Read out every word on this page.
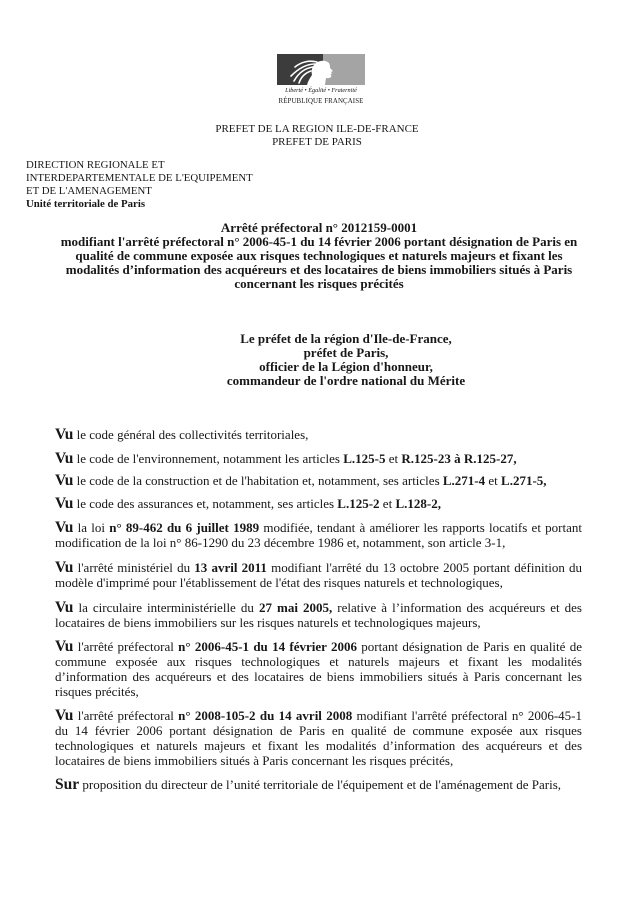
Liberté • Égalité • Fraternité
RÉPUBLIQUE FRANÇAISE
PREFET DE LA REGION ILE-DE-FRANCE
PREFET DE PARIS
DIRECTION REGIONALE ET
INTERDEPARTEMENTALE DE L'EQUIPEMENT
ET DE L'AMENAGEMENT
Unité territoriale de Paris
Arrêté préfectoral n° 2012159-0001
modifiant l'arrêté préfectoral n° 2006-45-1 du 14 février 2006 portant désignation de Paris en
qualité de commune exposée aux risques technologiques et naturels majeurs et fixant les
modalités d’information des acquéreurs et des locataires de biens immobiliers situés à Paris
concernant les risques précités
Le préfet de la région d'Ile-de-France,
préfet de Paris,
officier de la Légion d'honneur,
commandeur de l'ordre national du Mérite
Vu le code général des collectivités territoriales,
Vu le code de l'environnement, notamment les articles L.125-5 et R.125-23 à R.125-27,
Vu le code de la construction et de l'habitation et, notamment, ses articles L.271-4 et L.271-5,
Vu le code des assurances et, notamment, ses articles L.125-2 et L.128-2,
Vu la loi n° 89-462 du 6 juillet 1989 modifiée, tendant à améliorer les rapports locatifs et portant
modification de la loi n° 86-1290 du 23 décembre 1986 et, notamment, son article 3-1,
Vu l'arrêté ministériel du 13 avril 2011 modifiant l'arrêté du 13 octobre 2005 portant définition du
modèle d'imprimé pour l'établissement de l'état des risques naturels et technologiques,
Vu la circulaire interministérielle du 27 mai 2005, relative à l’information des acquéreurs et des
locataires de biens immobiliers sur les risques naturels et technologiques majeurs,
Vu l'arrêté préfectoral n° 2006-45-1 du 14 février 2006 portant désignation de Paris en qualité de
commune exposée aux risques technologiques et naturels majeurs et fixant les modalités
d’information des acquéreurs et des locataires de biens immobiliers situés à Paris concernant les
risques précités,
Vu l'arrêté préfectoral n° 2008-105-2 du 14 avril 2008 modifiant l'arrêté préfectoral n° 2006-45-1
du 14 février 2006 portant désignation de Paris en qualité de commune exposée aux risques
technologiques et naturels majeurs et fixant les modalités d’information des acquéreurs et des
locataires de biens immobiliers situés à Paris concernant les risques précités,
Sur proposition du directeur de l’unité territoriale de l'équipement et de l'aménagement de Paris,
